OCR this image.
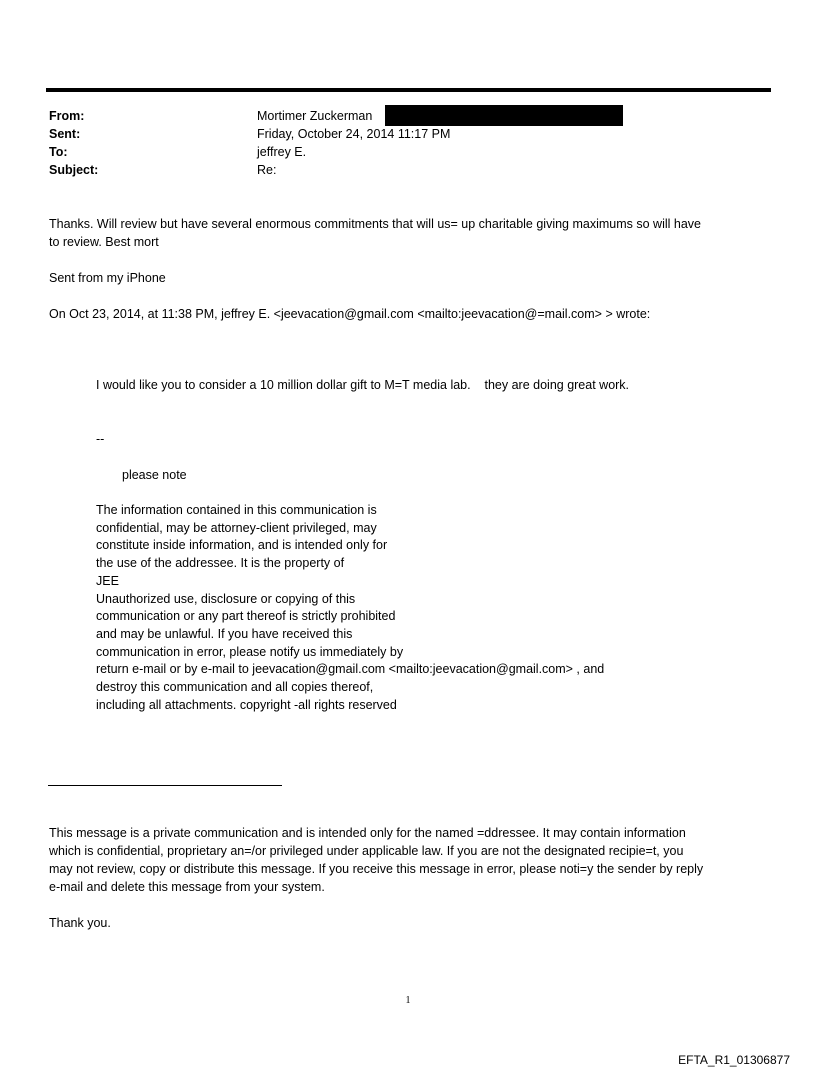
From:	Mortimer Zuckerman
Sent:	Friday, October 24, 2014 11:17 PM
To:	jeffrey E.
Subject:	Re:
Thanks. Will review but have several enormous commitments that will us= up charitable giving maximums so will have
to review. Best mort
Sent from my iPhone
On Oct 23, 2014, at 11:38 PM, jeffrey E. <jeevacation@gmail.com <mailto:jeevacation@=mail.com> > wrote:
I would like you to consider a 10 million dollar gift to M=T media lab.    they are doing great work.
--
please note
The information contained in this communication is
confidential, may be attorney-client privileged, may
constitute inside information, and is intended only for
the use of the addressee. It is the property of
JEE
Unauthorized use, disclosure or copying of this
communication or any part thereof is strictly prohibited
and may be unlawful. If you have received this
communication in error, please notify us immediately by
return e-mail or by e-mail to jeevacation@gmail.com <mailto:jeevacation@gmail.com> , and
destroy this communication and all copies thereof,
including all attachments. copyright -all rights reserved
This message is a private communication and is intended only for the named =ddressee. It may contain information
which is confidential, proprietary an=/or privileged under applicable law. If you are not the designated recipie=t, you
may not review, copy or distribute this message. If you receive this message in error, please noti=y the sender by reply
e-mail and delete this message from your system.
Thank you.
1
EFTA_R1_01306877
